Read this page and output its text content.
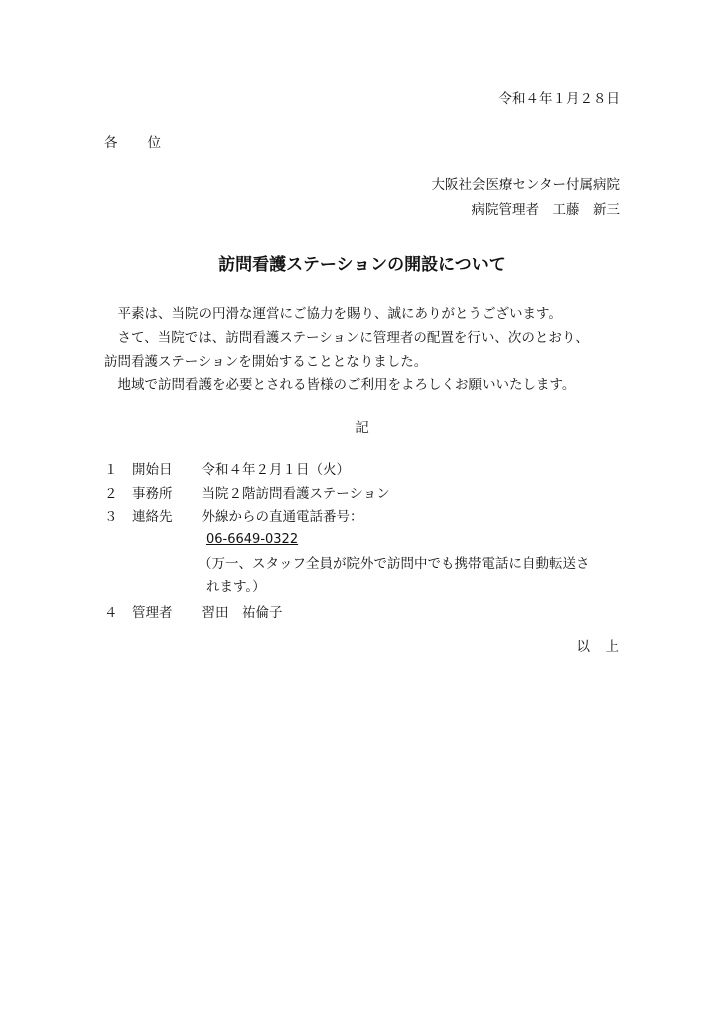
令和４年１月２８日
各　　位
大阪社会医療センター付属病院
病院管理者　工藤　新三
訪問看護ステーションの開設について
　平素は、当院の円滑な運営にご協力を賜り、誠にありがとうございます。
　さて、当院では、訪問看護ステーションに管理者の配置を行い、次のとおり、
訪問看護ステーションを開始することとなりました。
　地域で訪問看護を必要とされる皆様のご利用をよろしくお願いいたします。
記
１ 開始日　 令和４年２月１日（火）
２ 事務所　 当院２階訪問看護ステーション
３ 連絡先　 外線からの直通電話番号：
06-6649-0322
（万一、スタッフ全員が院外で訪問中でも携帯電話に自動転送さ
れます。）
４ 管理者　 習田　祐倫子
以　上
